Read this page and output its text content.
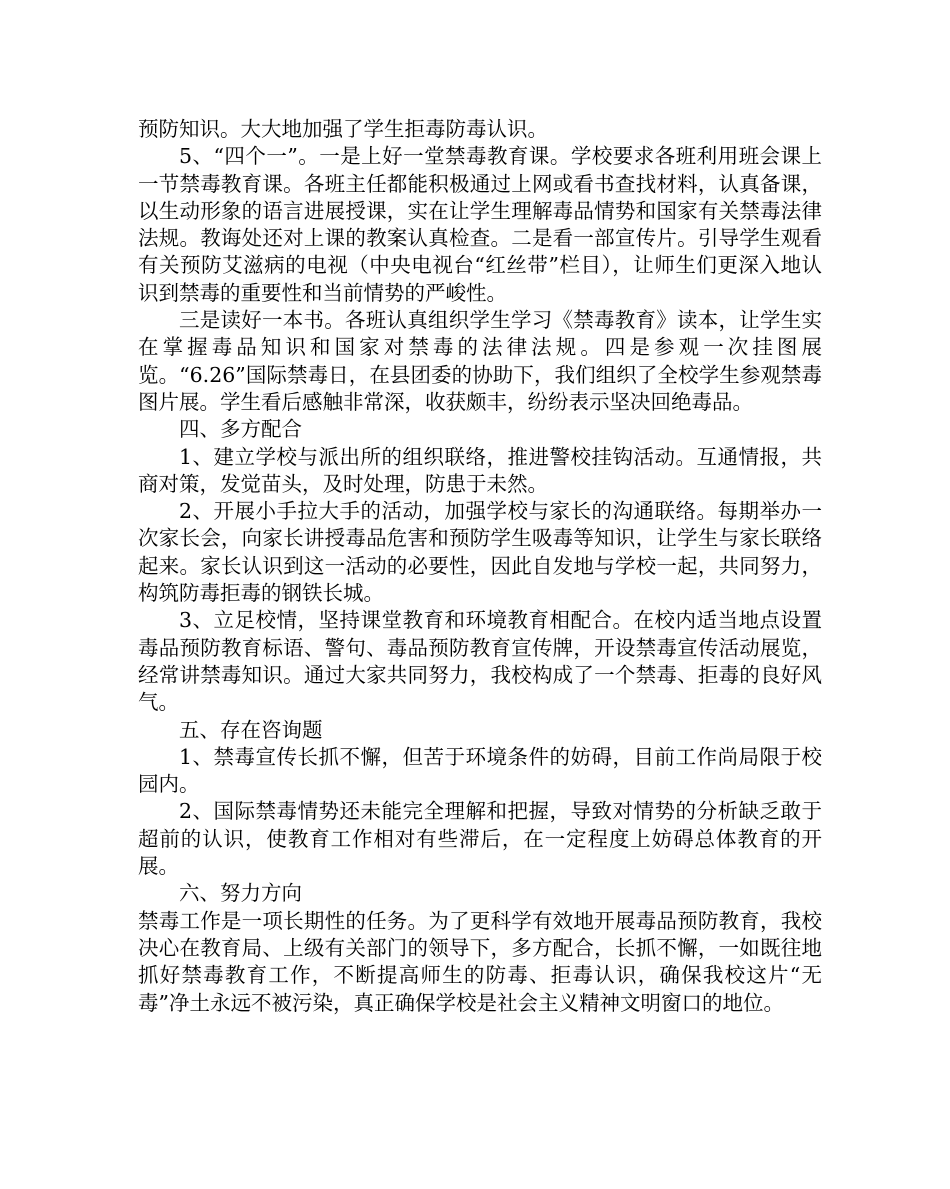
预防知识。大大地加强了学生拒毒防毒认识。

5、“四个一”。一是上好一堂禁毒教育课。学校要求各班利用班会课上一节禁毒教育课。各班主任都能积极通过上网或看书查找材料，认真备课，以生动形象的语言进展授课，实在让学生理解毒品情势和国家有关禁毒法律法规。教诲处还对上课的教案认真检查。二是看一部宣传片。引导学生观看有关预防艾滋病的电视（中央电视台“红丝带”栏目），让师生们更深入地认识到禁毒的重要性和当前情势的严峻性。

三是读好一本书。各班认真组织学生学习《禁毒教育》读本，让学生实在掌握毒品知识和国家对禁毒的法律法规。四是参观一次挂图展览。“6.26”国际禁毒日，在县团委的协助下，我们组织了全校学生参观禁毒图片展。学生看后感触非常深，收获颇丰，纷纷表示坚决回绝毒品。

四、多方配合

1、建立学校与派出所的组织联络，推进警校挂钩活动。互通情报，共商对策，发觉苗头，及时处理，防患于未然。

2、开展小手拉大手的活动，加强学校与家长的沟通联络。每期举办一次家长会，向家长讲授毒品危害和预防学生吸毒等知识，让学生与家长联络起来。家长认识到这一活动的必要性，因此自发地与学校一起，共同努力，构筑防毒拒毒的钢铁长城。

3、立足校情，坚持课堂教育和环境教育相配合。在校内适当地点设置毒品预防教育标语、警句、毒品预防教育宣传牌，开设禁毒宣传活动展览，经常讲禁毒知识。通过大家共同努力，我校构成了一个禁毒、拒毒的良好风气。

五、存在咨询题

1、禁毒宣传长抓不懈，但苦于环境条件的妨碍，目前工作尚局限于校园内。

2、国际禁毒情势还未能完全理解和把握，导致对情势的分析缺乏敢于超前的认识，使教育工作相对有些滞后，在一定程度上妨碍总体教育的开展。

六、努力方向

禁毒工作是一项长期性的任务。为了更科学有效地开展毒品预防教育，我校决心在教育局、上级有关部门的领导下，多方配合，长抓不懈，一如既往地抓好禁毒教育工作，不断提高师生的防毒、拒毒认识，确保我校这片“无毒”净土永远不被污染，真正确保学校是社会主义精神文明窗口的地位。
